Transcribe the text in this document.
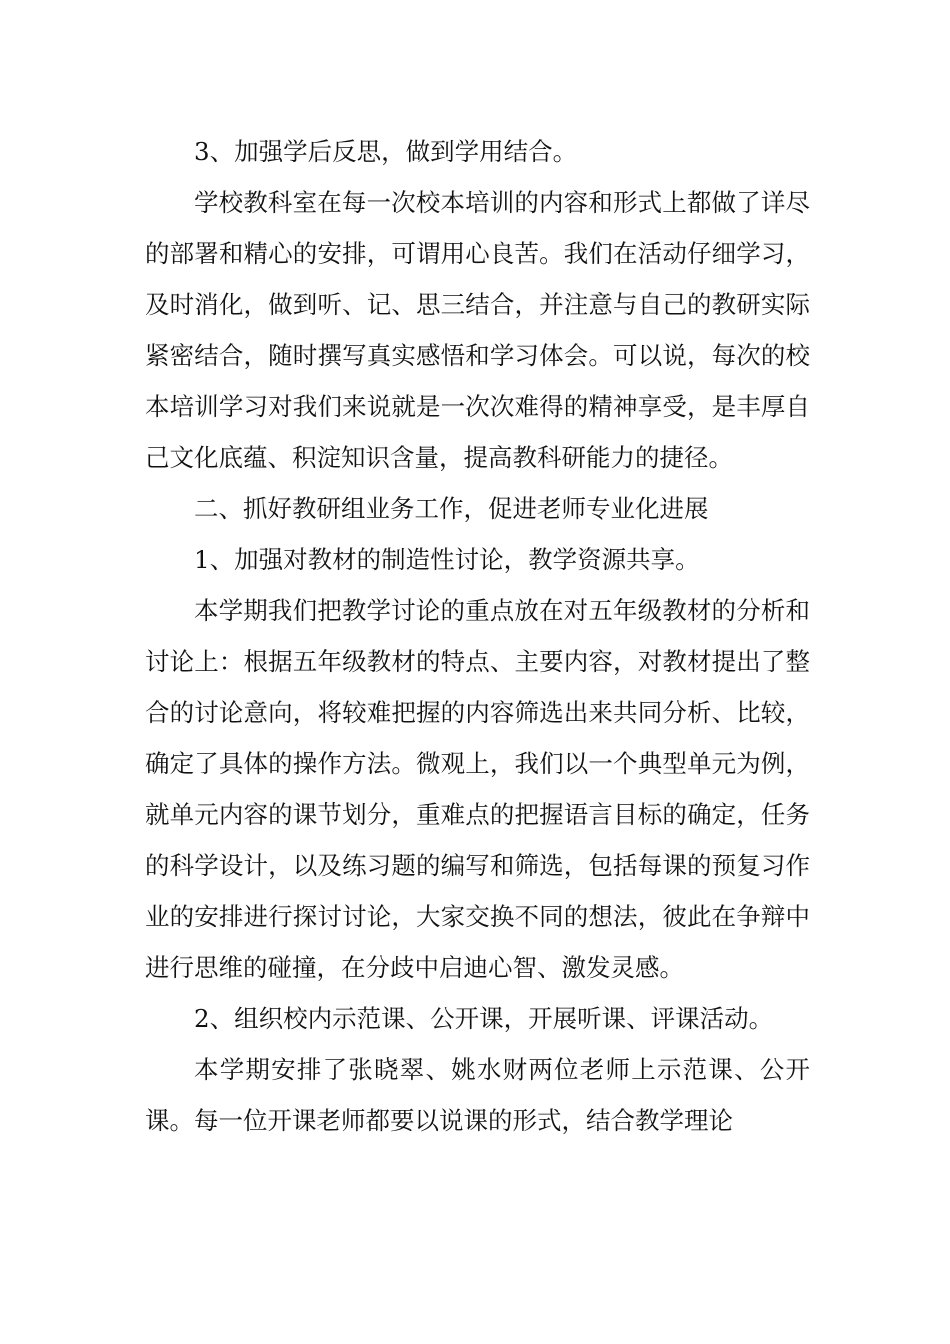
3、加强学后反思，做到学用结合。

学校教科室在每一次校本培训的内容和形式上都做了详尽的部署和精心的安排，可谓用心良苦。我们在活动仔细学习，及时消化，做到听、记、思三结合，并注意与自己的教研实际紧密结合，随时撰写真实感悟和学习体会。可以说，每次的校本培训学习对我们来说就是一次次难得的精神享受，是丰厚自己文化底蕴、积淀知识含量，提高教科研能力的捷径。

二、抓好教研组业务工作，促进老师专业化进展

1、加强对教材的制造性讨论，教学资源共享。

本学期我们把教学讨论的重点放在对五年级教材的分析和讨论上：根据五年级教材的特点、主要内容，对教材提出了整合的讨论意向，将较难把握的内容筛选出来共同分析、比较，确定了具体的操作方法。微观上，我们以一个典型单元为例，就单元内容的课节划分，重难点的把握语言目标的确定，任务的科学设计，以及练习题的编写和筛选，包括每课的预复习作业的安排进行探讨讨论，大家交换不同的想法，彼此在争辩中进行思维的碰撞，在分歧中启迪心智、激发灵感。

2、组织校内示范课、公开课，开展听课、评课活动。

本学期安排了张晓翠、姚水财两位老师上示范课、公开课。每一位开课老师都要以说课的形式，结合教学理论
